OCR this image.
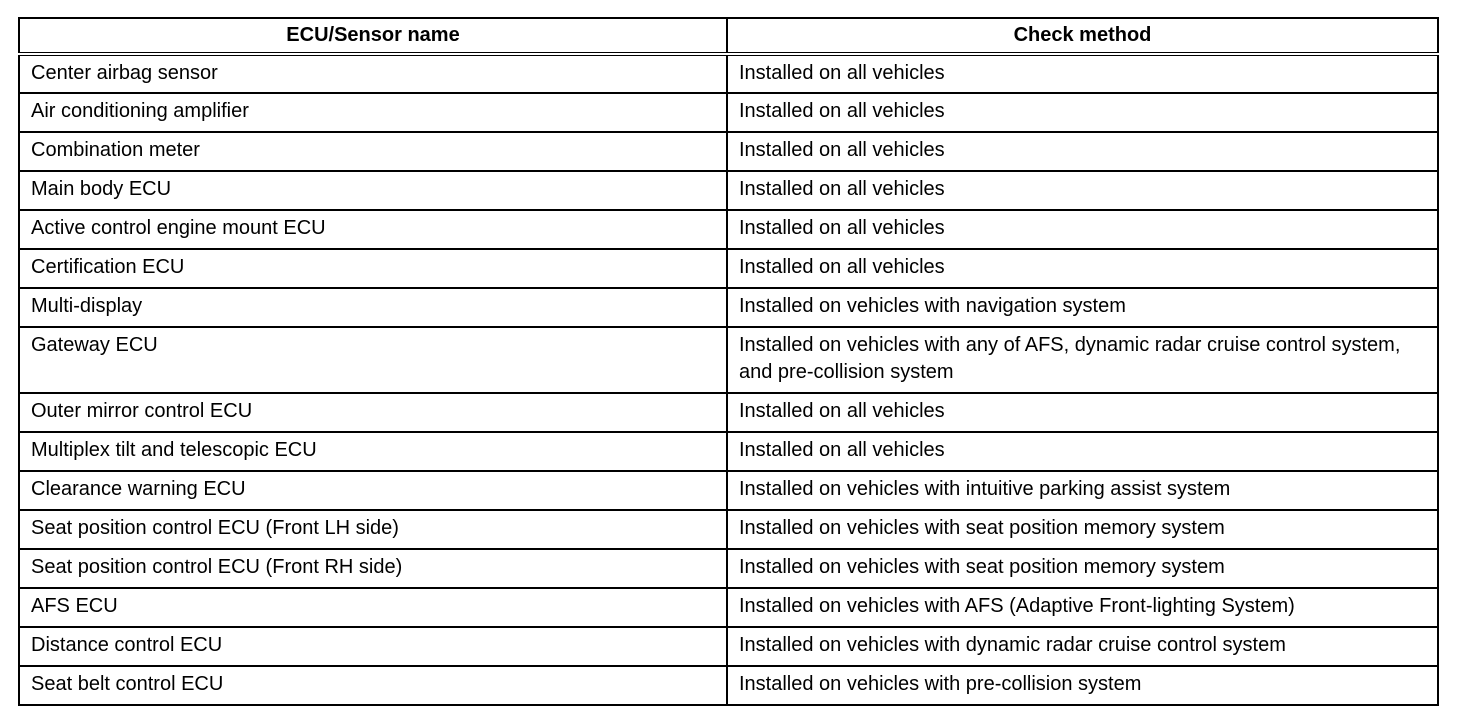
ECU/Sensor name	Check method
Center airbag sensor	Installed on all vehicles
Air conditioning amplifier	Installed on all vehicles
Combination meter	Installed on all vehicles
Main body ECU	Installed on all vehicles
Active control engine mount ECU	Installed on all vehicles
Certification ECU	Installed on all vehicles
Multi-display	Installed on vehicles with navigation system
Gateway ECU	Installed on vehicles with any of AFS, dynamic radar cruise control system, and pre-collision system
Outer mirror control ECU	Installed on all vehicles
Multiplex tilt and telescopic ECU	Installed on all vehicles
Clearance warning ECU	Installed on vehicles with intuitive parking assist system
Seat position control ECU (Front LH side)	Installed on vehicles with seat position memory system
Seat position control ECU (Front RH side)	Installed on vehicles with seat position memory system
AFS ECU	Installed on vehicles with AFS (Adaptive Front-lighting System)
Distance control ECU	Installed on vehicles with dynamic radar cruise control system
Seat belt control ECU	Installed on vehicles with pre-collision system
